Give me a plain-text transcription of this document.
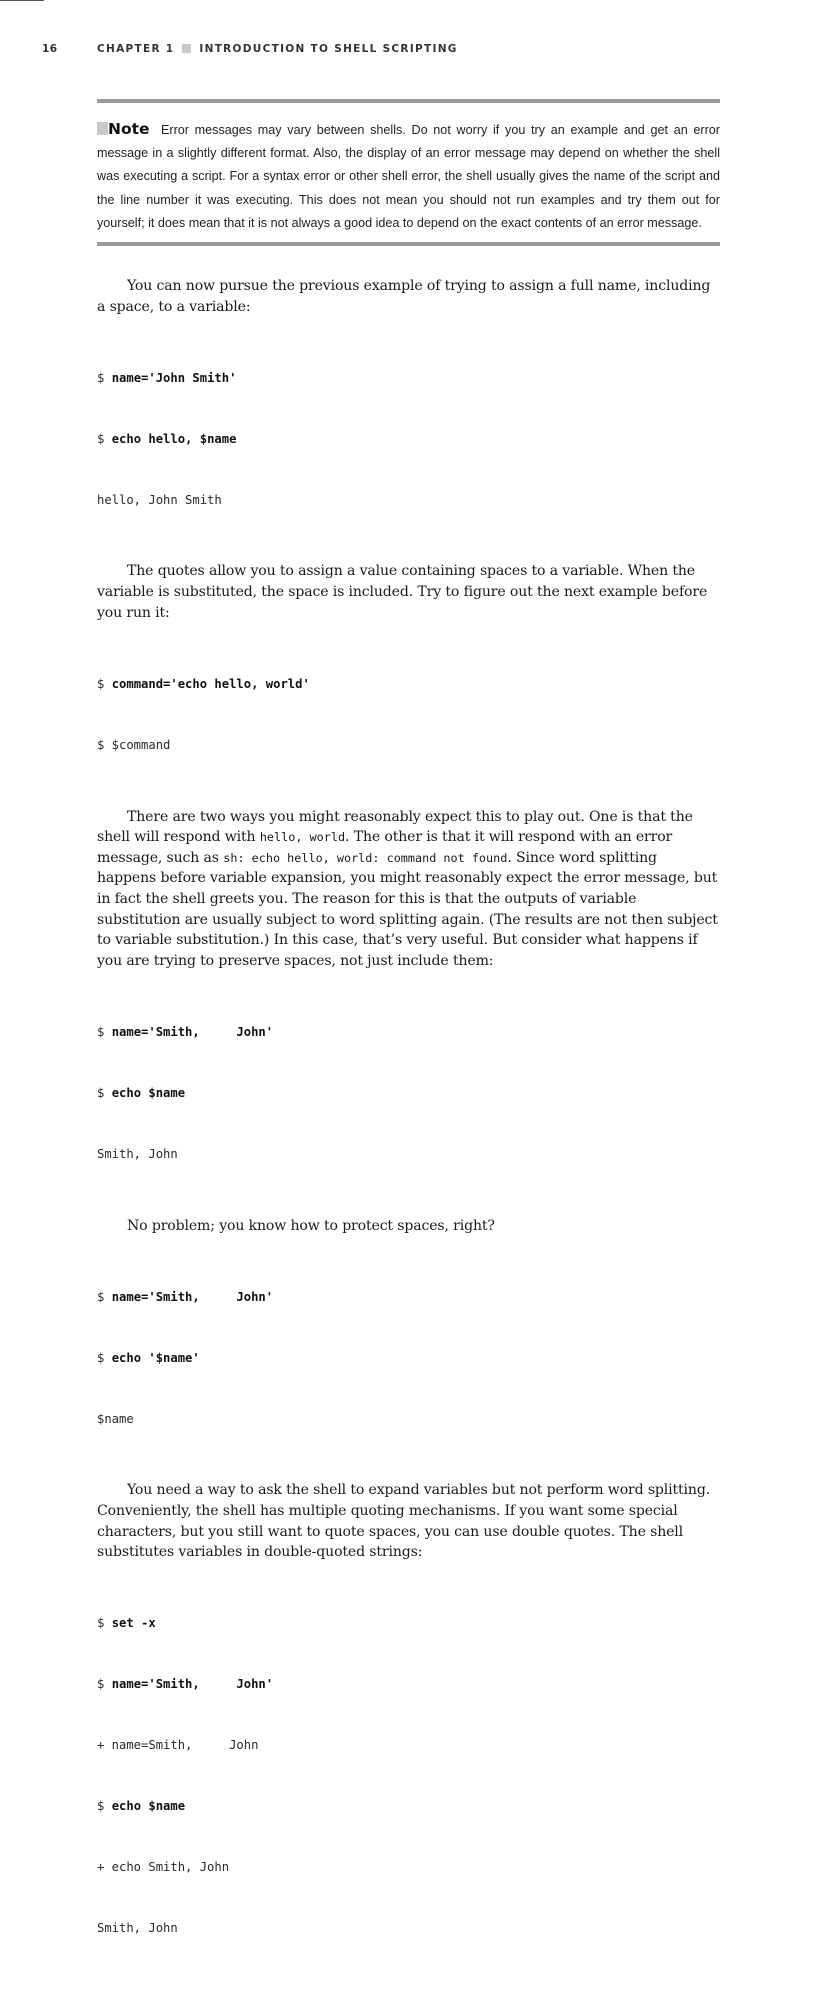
16	CHAPTER 1 INTRODUCTION TO SHELL SCRIPTING
Note Error messages may vary between shells. Do not worry if you try an example and get an error message in a slightly different format. Also, the display of an error message may depend on whether the shell was executing a script. For a syntax error or other shell error, the shell usually gives the name of the script and the line number it was executing. This does not mean you should not run examples and try them out for yourself; it does mean that it is not always a good idea to depend on the exact contents of an error message.

You can now pursue the previous example of trying to assign a full name, including a space, to a variable:

$ name='John Smith'

$ echo hello, $name

hello, John Smith

The quotes allow you to assign a value containing spaces to a variable. When the variable is substituted, the space is included. Try to figure out the next example before you run it:

$ command='echo hello, world'

$ $command

There are two ways you might reasonably expect this to play out. One is that the shell will respond with hello, world. The other is that it will respond with an error message, such as sh: echo hello, world: command not found. Since word splitting happens before variable expansion, you might reasonably expect the error message, but in fact the shell greets you. The reason for this is that the outputs of variable substitution are usually subject to word splitting again. (The results are not then subject to variable substitution.) In this case, that’s very useful. But consider what happens if you are trying to preserve spaces, not just include them:

$ name='Smith,     John'

$ echo $name

Smith, John

No problem; you know how to protect spaces, right?

$ name='Smith,     John'

$ echo '$name'

$name

You need a way to ask the shell to expand variables but not perform word splitting. Conveniently, the shell has multiple quoting mechanisms. If you want some special characters, but you still want to quote spaces, you can use double quotes. The shell substitutes variables in double-quoted strings:

$ set -x

$ name='Smith,     John'

+ name=Smith,     John

$ echo $name

+ echo Smith, John

Smith, John
